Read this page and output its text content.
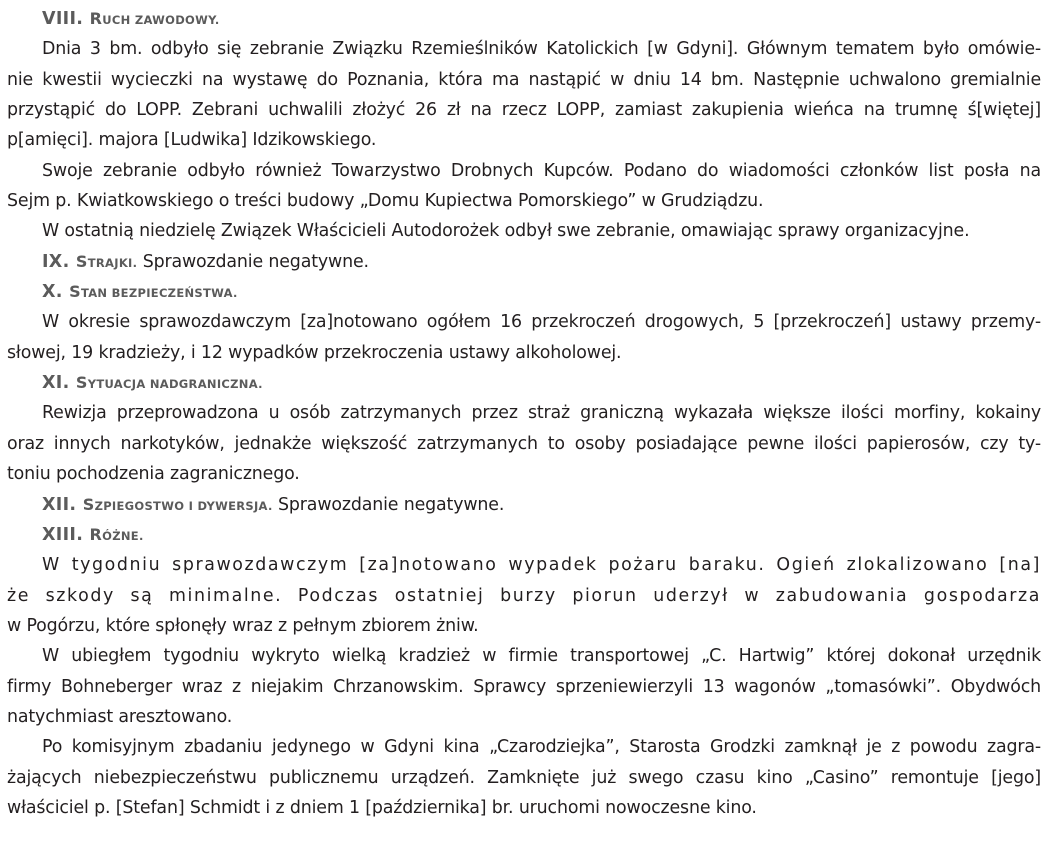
VIII. RUCH ZAWODOWY.
Dnia 3 bm. odbyło się zebranie Związku Rzemieślników Katolickich [w Gdyni]. Głównym tematem było omówie-
nie kwestii wycieczki na wystawę do Poznania, która ma nastąpić w dniu 14 bm. Następnie uchwalono gremialnie
przystąpić do LOPP. Zebrani uchwalili złożyć 26 zł na rzecz LOPP, zamiast zakupienia wieńca na trumnę ś[więtej]
p[amięci]. majora [Ludwika] Idzikowskiego.
Swoje zebranie odbyło również Towarzystwo Drobnych Kupców. Podano do wiadomości członków list posła na
Sejm p. Kwiatkowskiego o treści budowy „Domu Kupiectwa Pomorskiego” w Grudziądzu.
W ostatnią niedzielę Związek Właścicieli Autodorożek odbył swe zebranie, omawiając sprawy organizacyjne.
IX. STRAJKI. Sprawozdanie negatywne.
X. STAN BEZPIECZEŃSTWA.
W okresie sprawozdawczym [za]notowano ogółem 16 przekroczeń drogowych, 5 [przekroczeń] ustawy przemy-
słowej, 19 kradzieży, i 12 wypadków przekroczenia ustawy alkoholowej.
XI. SYTUACJA NADGRANICZNA.
Rewizja przeprowadzona u osób zatrzymanych przez straż graniczną wykazała większe ilości morfiny, kokainy
oraz innych narkotyków, jednakże większość zatrzymanych to osoby posiadające pewne ilości papierosów, czy ty-
toniu pochodzenia zagranicznego.
XII. SZPIEGOSTWO I DYWERSJA. Sprawozdanie negatywne.
XIII. RÓŻNE.
W tygodniu sprawozdawczym [za]notowano wypadek pożaru baraku. Ogień zlokalizowano [na]
że szkody są minimalne. Podczas ostatniej burzy piorun uderzył w zabudowania gospodarza
w Pogórzu, które spłonęły wraz z pełnym zbiorem żniw.
W ubiegłem tygodniu wykryto wielką kradzież w firmie transportowej „C. Hartwig” której dokonał urzędnik
firmy Bohneberger wraz z niejakim Chrzanowskim. Sprawcy sprzeniewierzyli 13 wagonów „tomasówki”. Obydwóch
natychmiast aresztowano.
Po komisyjnym zbadaniu jedynego w Gdyni kina „Czarodziejka”, Starosta Grodzki zamknął je z powodu zagra-
żających niebezpieczeństwu publicznemu urządzeń. Zamknięte już swego czasu kino „Casino” remontuje [jego]
właściciel p. [Stefan] Schmidt i z dniem 1 [października] br. uruchomi nowoczesne kino.
